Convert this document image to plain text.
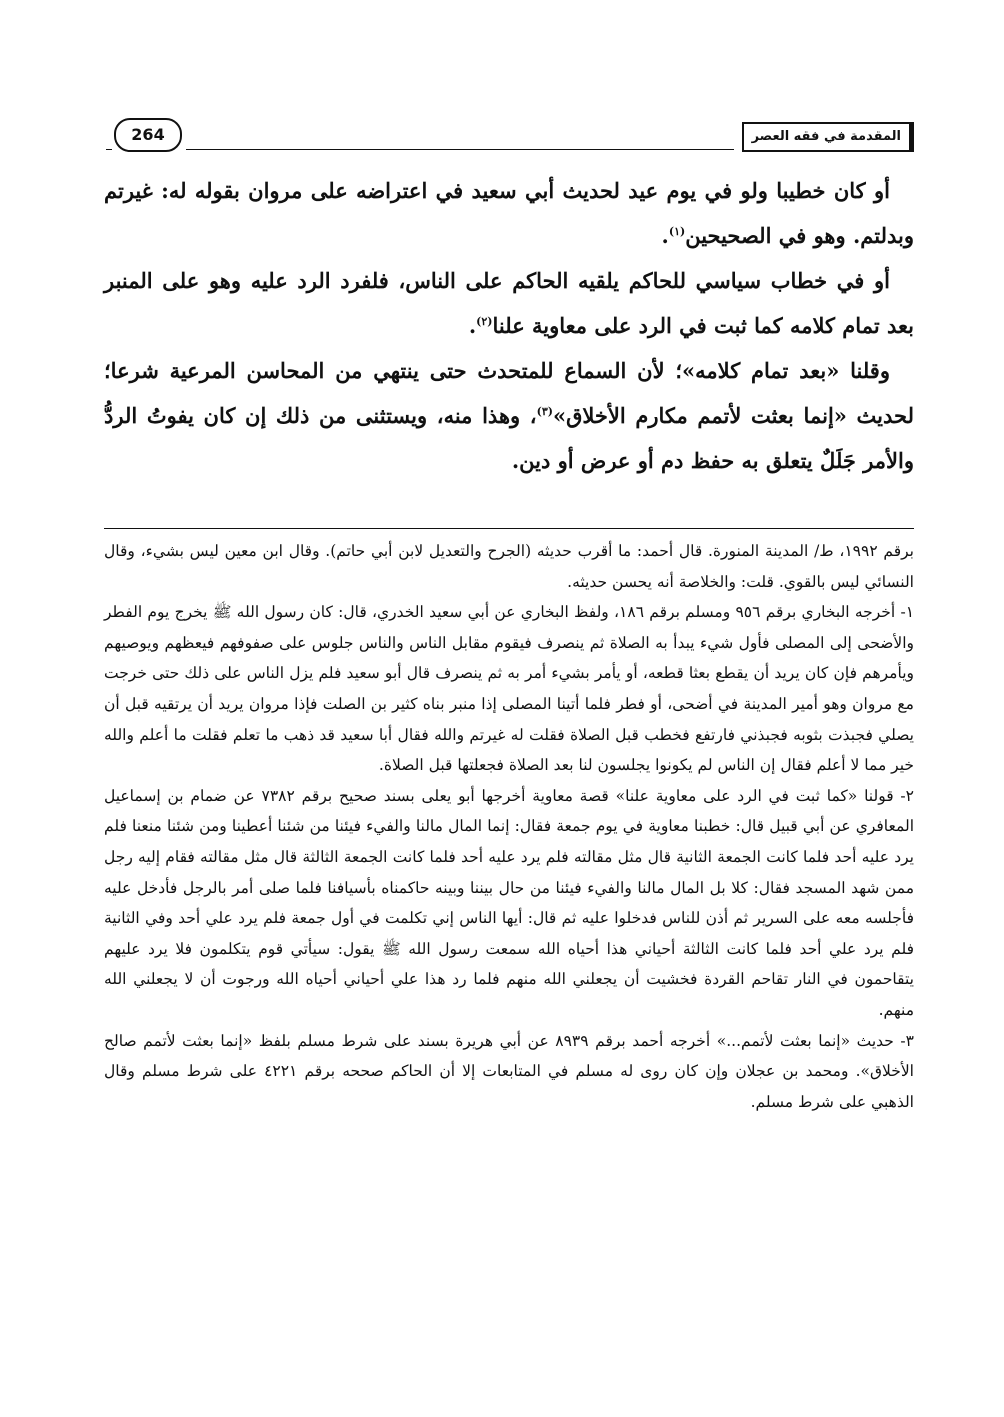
264	المقدمة في فقه العصر

أو كان خطيبا ولو في يوم عيد لحديث أبي سعيد في اعتراضه على مروان بقوله له: غيرتم وبدلتم. وهو في الصحيحين$^{(١)}$.

أو في خطاب سياسي للحاكم يلقيه الحاكم على الناس، فلفرد الرد عليه وهو على المنبر بعد تمام كلامه كما ثبت في الرد على معاوية علنا$^{(٢)}$.

وقلنا «بعد تمام كلامه»؛ لأن السماع للمتحدث حتى ينتهي من المحاسن المرعية شرعا؛ لحديث «إنما بعثت لأتمم مكارم الأخلاق»$^{(٣)}$، وهذا منه، ويستثنى من ذلك إن كان يفوتُ الردُّ والأمر جَلَلٌ يتعلق به حفظ دم أو عرض أو دين.

برقم ١٩٩٢، ط/ المدينة المنورة. قال أحمد: ما أقرب حديثه (الجرح والتعديل لابن أبي حاتم). وقال ابن معين ليس بشيء، وقال النسائي ليس بالقوي. قلت: والخلاصة أنه يحسن حديثه.

١- أخرجه البخاري برقم ٩٥٦ ومسلم برقم ١٨٦، ولفظ البخاري عن أبي سعيد الخدري، قال: كان رسول الله ﷺ يخرج يوم الفطر والأضحى إلى المصلى فأول شيء يبدأ به الصلاة ثم ينصرف فيقوم مقابل الناس والناس جلوس على صفوفهم فيعظهم ويوصيهم ويأمرهم فإن كان يريد أن يقطع بعثا قطعه، أو يأمر بشيء أمر به ثم ينصرف قال أبو سعيد فلم يزل الناس على ذلك حتى خرجت مع مروان وهو أمير المدينة في أضحى، أو فطر فلما أتينا المصلى إذا منبر بناه كثير بن الصلت فإذا مروان يريد أن يرتقيه قبل أن يصلي فجبذت بثوبه فجبذني فارتفع فخطب قبل الصلاة فقلت له غيرتم والله فقال أبا سعيد قد ذهب ما تعلم فقلت ما أعلم والله خير مما لا أعلم فقال إن الناس لم يكونوا يجلسون لنا بعد الصلاة فجعلتها قبل الصلاة.

٢- قولنا «كما ثبت في الرد على معاوية علنا» قصة معاوية أخرجها أبو يعلى بسند صحيح برقم ٧٣٨٢ عن ضمام بن إسماعيل المعافري عن أبي قبيل قال: خطبنا معاوية في يوم جمعة فقال: إنما المال مالنا والفيء فيئنا من شئنا أعطينا ومن شئنا منعنا فلم يرد عليه أحد فلما كانت الجمعة الثانية قال مثل مقالته فلم يرد عليه أحد فلما كانت الجمعة الثالثة قال مثل مقالته فقام إليه رجل ممن شهد المسجد فقال: كلا بل المال مالنا والفيء فيئنا من حال بيننا وبينه حاكمناه بأسيافنا فلما صلى أمر بالرجل فأدخل عليه فأجلسه معه على السرير ثم أذن للناس فدخلوا عليه ثم قال: أيها الناس إني تكلمت في أول جمعة فلم يرد علي أحد وفي الثانية فلم يرد علي أحد فلما كانت الثالثة أحياني هذا أحياه الله سمعت رسول الله ﷺ يقول: سيأتي قوم يتكلمون فلا يرد عليهم يتقاحمون في النار تقاحم القردة فخشيت أن يجعلني الله منهم فلما رد هذا علي أحياني أحياه الله ورجوت أن لا يجعلني الله منهم.

٣- حديث «إنما بعثت لأتمم...» أخرجه أحمد برقم ٨٩٣٩ عن أبي هريرة بسند على شرط مسلم بلفظ «إنما بعثت لأتمم صالح الأخلاق». ومحمد بن عجلان وإن كان روى له مسلم في المتابعات إلا أن الحاكم صححه برقم ٤٢٢١ على شرط مسلم وقال الذهبي على شرط مسلم.
